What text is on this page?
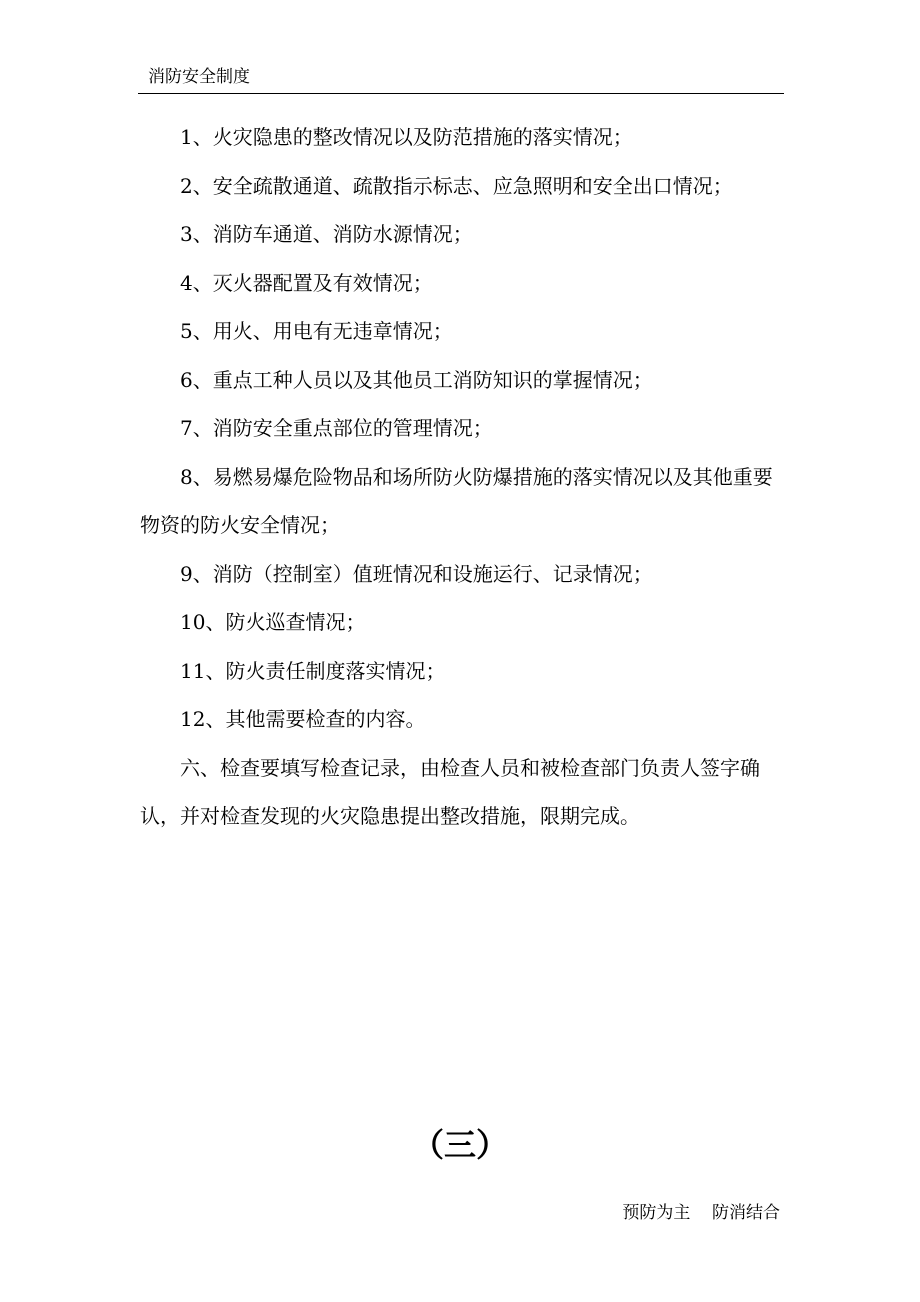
消防安全制度

1、火灾隐患的整改情况以及防范措施的落实情况；

2、安全疏散通道、疏散指示标志、应急照明和安全出口情况；

3、消防车通道、消防水源情况；

4、灭火器配置及有效情况；

5、用火、用电有无违章情况；

6、重点工种人员以及其他员工消防知识的掌握情况；

7、消防安全重点部位的管理情况；

8、易燃易爆危险物品和场所防火防爆措施的落实情况以及其他重要物资的防火安全情况；

9、消防（控制室）值班情况和设施运行、记录情况；

10、防火巡查情况；

11、防火责任制度落实情况；

12、其他需要检查的内容。

六、检查要填写检查记录，由检查人员和被检查部门负责人签字确认，并对检查发现的火灾隐患提出整改措施，限期完成。

（三）
预防为主    防消结合
